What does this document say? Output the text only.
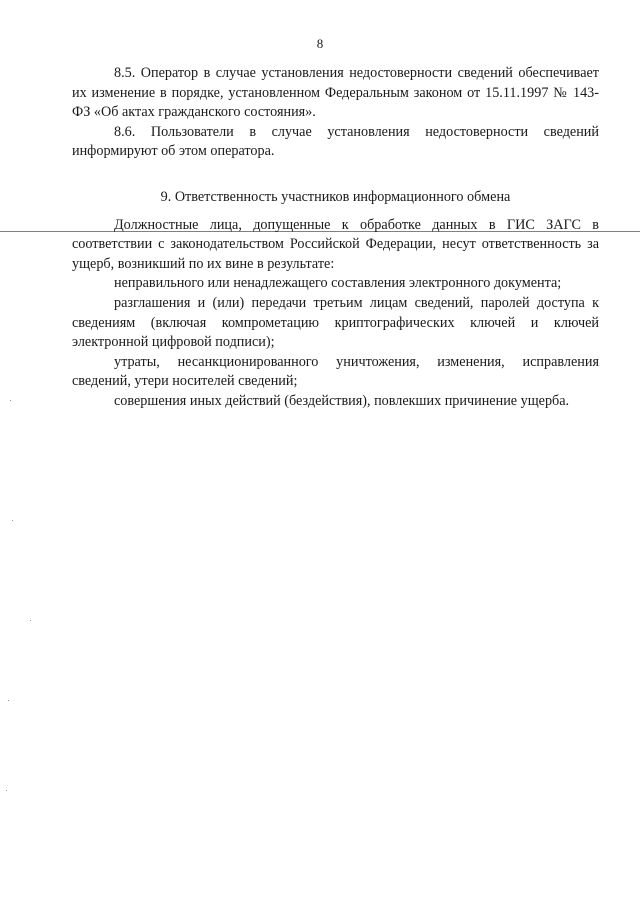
8

8.5. Оператор в случае установления недостоверности сведений обеспечивает их изменение в порядке, установленном Федеральным законом от 15.11.1997 № 143-ФЗ «Об актах гражданского состояния».

8.6. Пользователи в случае установления недостоверности сведений информируют об этом оператора.

9. Ответственность участников информационного обмена

Должностные лица, допущенные к обработке данных в ГИС ЗАГС в соответствии с законодательством Российской Федерации, несут ответственность за ущерб, возникший по их вине в результате:

неправильного или ненадлежащего составления электронного документа;

разглашения и (или) передачи третьим лицам сведений, паролей доступа к сведениям (включая компрометацию криптографических ключей и ключей электронной цифровой подписи);

утраты, несанкционированного уничтожения, изменения, исправления сведений, утери носителей сведений;

совершения иных действий (бездействия), повлекших причинение ущерба.
